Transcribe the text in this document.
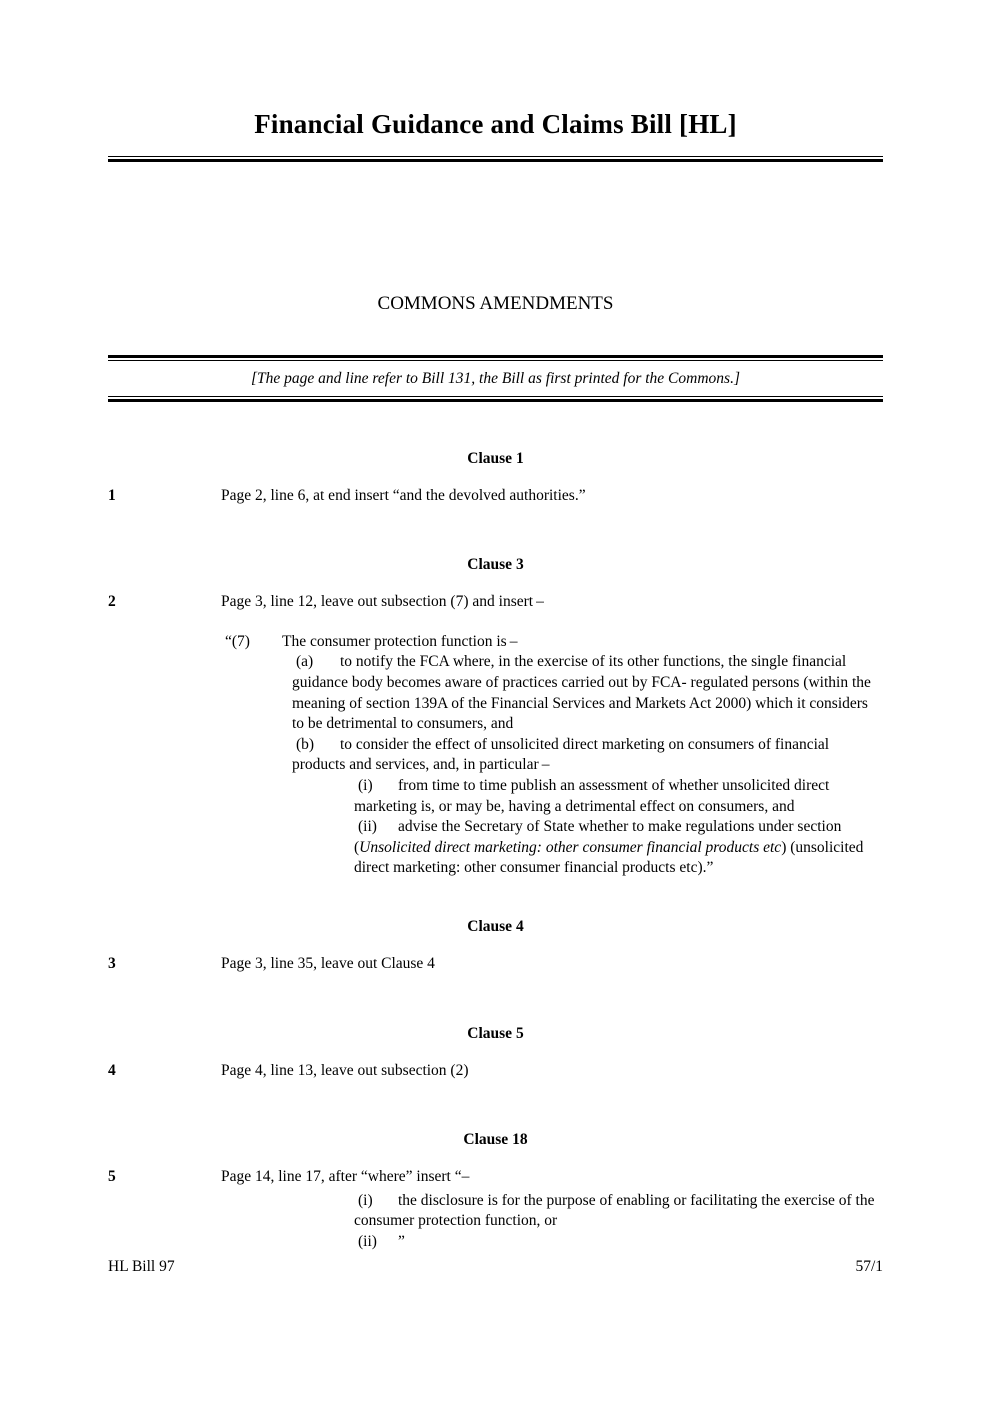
Financial Guidance and Claims Bill [HL]
COMMONS AMENDMENTS
[The page and line refer to Bill 131, the Bill as first printed for the Commons.]
Clause 1
1	Page 2, line 6, at end insert “and the devolved authorities.”
Clause 3
2	Page 3, line 12, leave out subsection (7) and insert –
“(7) The consumer protection function is –
(a) to notify the FCA where, in the exercise of its other functions, the single financial guidance body becomes aware of practices carried out by FCA- regulated persons (within the meaning of section 139A of the Financial Services and Markets Act 2000) which it considers to be detrimental to consumers, and
(b) to consider the effect of unsolicited direct marketing on consumers of financial products and services, and, in particular –
(i) from time to time publish an assessment of whether unsolicited direct marketing is, or may be, having a detrimental effect on consumers, and
(ii) advise the Secretary of State whether to make regulations under section (Unsolicited direct marketing: other consumer financial products etc) (unsolicited direct marketing: other consumer financial products etc).”
Clause 4
3	Page 3, line 35, leave out Clause 4
Clause 5
4	Page 4, line 13, leave out subsection (2)
Clause 18
5	Page 14, line 17, after “where” insert “–
(i) the disclosure is for the purpose of enabling or facilitating the exercise of the consumer protection function, or
(ii) ”
HL Bill 97	57/1
